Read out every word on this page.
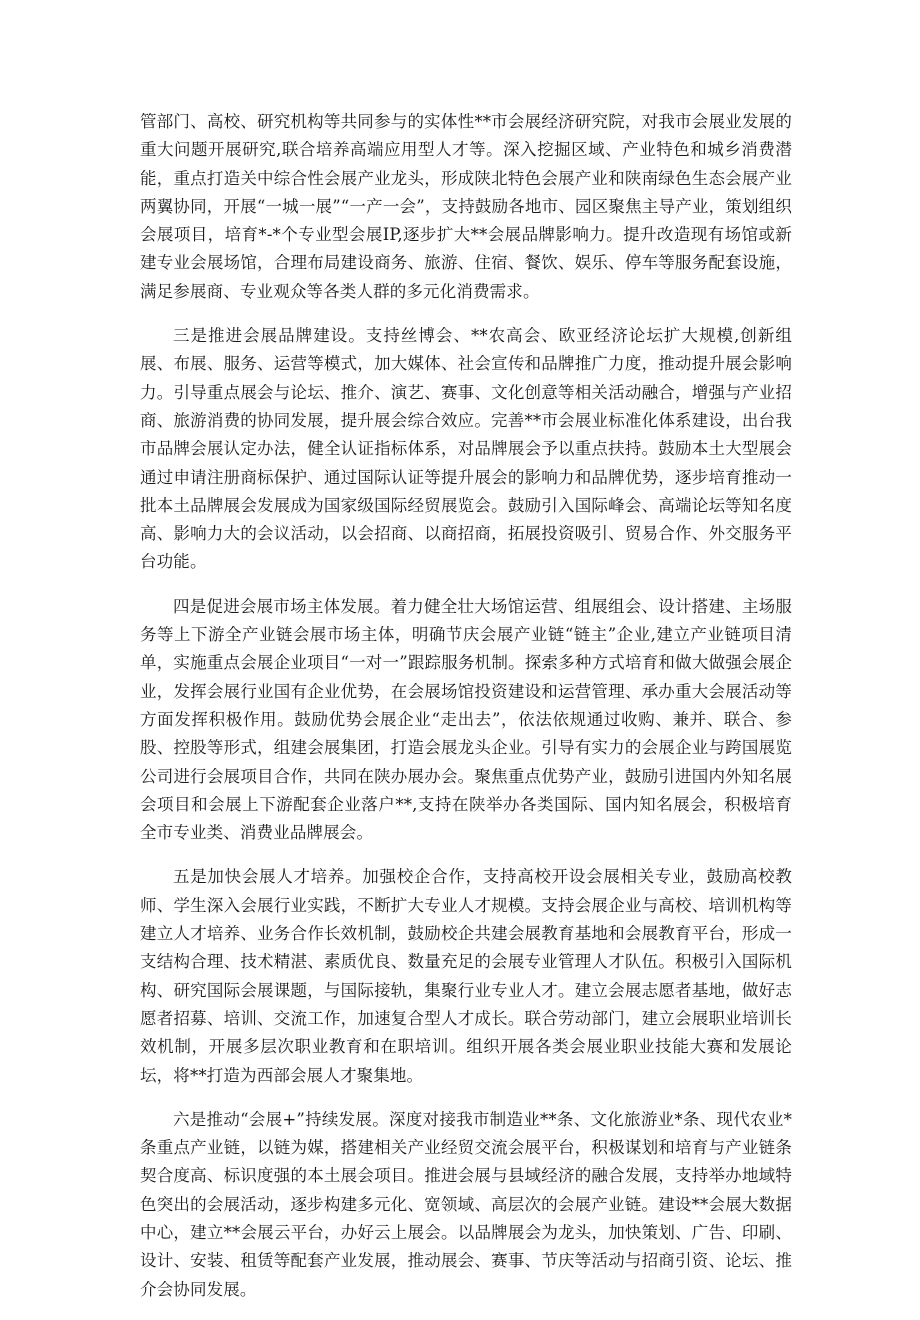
管部门、高校、研究机构等共同参与的实体性**市会展经济研究院，对我市会展业发展的重大问题开展研究,联合培养高端应用型人才等。深入挖掘区域、产业特色和城乡消费潜能，重点打造关中综合性会展产业龙头，形成陕北特色会展产业和陕南绿色生态会展产业两翼协同，开展“一城一展”“一产一会”，支持鼓励各地市、园区聚焦主导产业，策划组织会展项目，培育*-*个专业型会展IP,逐步扩大**会展品牌影响力。提升改造现有场馆或新建专业会展场馆，合理布局建设商务、旅游、住宿、餐饮、娱乐、停车等服务配套设施，满足参展商、专业观众等各类人群的多元化消费需求。

三是推进会展品牌建设。支持丝博会、**农高会、欧亚经济论坛扩大规模,创新组展、布展、服务、运营等模式，加大媒体、社会宣传和品牌推广力度，推动提升展会影响力。引导重点展会与论坛、推介、演艺、赛事、文化创意等相关活动融合，增强与产业招商、旅游消费的协同发展，提升展会综合效应。完善**市会展业标准化体系建设，出台我市品牌会展认定办法，健全认证指标体系，对品牌展会予以重点扶持。鼓励本土大型展会通过申请注册商标保护、通过国际认证等提升展会的影响力和品牌优势，逐步培育推动一批本土品牌展会发展成为国家级国际经贸展览会。鼓励引入国际峰会、高端论坛等知名度高、影响力大的会议活动，以会招商、以商招商，拓展投资吸引、贸易合作、外交服务平台功能。

四是促进会展市场主体发展。着力健全壮大场馆运营、组展组会、设计搭建、主场服务等上下游全产业链会展市场主体，明确节庆会展产业链“链主”企业,建立产业链项目清单，实施重点会展企业项目“一对一”跟踪服务机制。探索多种方式培育和做大做强会展企业，发挥会展行业国有企业优势，在会展场馆投资建设和运营管理、承办重大会展活动等方面发挥积极作用。鼓励优势会展企业“走出去”，依法依规通过收购、兼并、联合、参股、控股等形式，组建会展集团，打造会展龙头企业。引导有实力的会展企业与跨国展览公司进行会展项目合作，共同在陕办展办会。聚焦重点优势产业，鼓励引进国内外知名展会项目和会展上下游配套企业落户**,支持在陕举办各类国际、国内知名展会，积极培育全市专业类、消费业品牌展会。

五是加快会展人才培养。加强校企合作，支持高校开设会展相关专业，鼓励高校教师、学生深入会展行业实践，不断扩大专业人才规模。支持会展企业与高校、培训机构等建立人才培养、业务合作长效机制，鼓励校企共建会展教育基地和会展教育平台，形成一支结构合理、技术精湛、素质优良、数量充足的会展专业管理人才队伍。积极引入国际机构、研究国际会展课题，与国际接轨，集聚行业专业人才。建立会展志愿者基地，做好志愿者招募、培训、交流工作，加速复合型人才成长。联合劳动部门，建立会展职业培训长效机制，开展多层次职业教育和在职培训。组织开展各类会展业职业技能大赛和发展论坛，将**打造为西部会展人才聚集地。

六是推动“会展+”持续发展。深度对接我市制造业**条、文化旅游业*条、现代农业*条重点产业链，以链为媒，搭建相关产业经贸交流会展平台，积极谋划和培育与产业链条契合度高、标识度强的本土展会项目。推进会展与县域经济的融合发展，支持举办地域特色突出的会展活动，逐步构建多元化、宽领域、高层次的会展产业链。建设**会展大数据中心，建立**会展云平台，办好云上展会。以品牌展会为龙头，加快策划、广告、印刷、设计、安装、租赁等配套产业发展，推动展会、赛事、节庆等活动与招商引资、论坛、推介会协同发展。
